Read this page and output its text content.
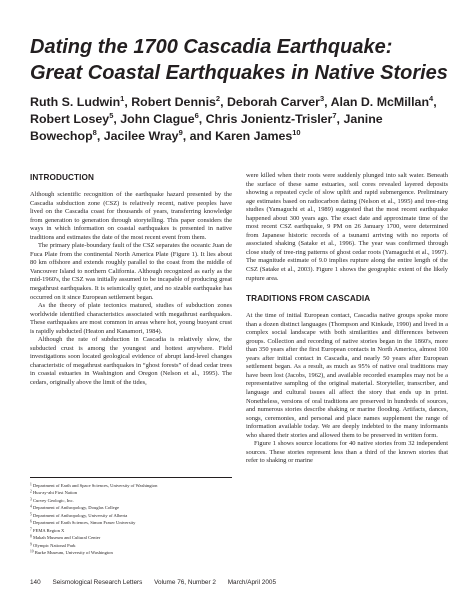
Dating the 1700 Cascadia Earthquake: Great Coastal Earthquakes in Native Stories
Ruth S. Ludwin$^1$, Robert Dennis$^2$, Deborah Carver$^3$, Alan D. McMillan$^4$, Robert Losey$^5$, John Clague$^6$, Chris Jonientz-Trisler$^7$, Janine Bowechop$^8$, Jacilee Wray$^9$, and Karen James$^{10}$

INTRODUCTION

Although scientific recognition of the earthquake hazard presented by the Cascadia subduction zone (CSZ) is relatively recent, native peoples have lived on the Cascadia coast for thousands of years, transferring knowledge from generation to generation through storytelling. This paper considers the ways in which information on coastal earthquakes is presented in native traditions and estimates the date of the most recent event from them.

The primary plate-boundary fault of the CSZ separates the oceanic Juan de Fuca Plate from the continental North America Plate (Figure 1). It lies about 80 km offshore and extends roughly parallel to the coast from the middle of Vancouver Island to northern California. Although recognized as early as the mid-1960's, the CSZ was initially assumed to be incapable of producing great megathrust earthquakes. It is seismically quiet, and no sizable earthquake has occurred on it since European settlement began.

As the theory of plate tectonics matured, studies of subduction zones worldwide identified characteristics associated with megathrust earthquakes. These earthquakes are most common in areas where hot, young buoyant crust is rapidly subducted (Heaton and Kanamori, 1984).

Although the rate of subduction in Cascadia is relatively slow, the subducted crust is among the youngest and hottest anywhere. Field investigations soon located geological evidence of abrupt land-level changes characteristic of megathrust earthquakes in “ghost forests” of dead cedar trees in coastal estuaries in Washington and Oregon (Nelson et al., 1995). The cedars, originally above the limit of the tides,

$^1$ Department of Earth and Space Sciences, University of Washington

$^2$ Huu-ay-aht First Nation

$^3$ Curvey Geologic, Inc.

$^4$ Department of Anthropology, Douglas College

$^5$ Department of Anthropology, University of Alberta

$^6$ Department of Earth Sciences, Simon Fraser University

$^7$ FEMA Region X

$^8$ Makah Museum and Cultural Center

$^9$ Olympic National Park

$^{10}$ Burke Museum, University of Washington

were killed when their roots were suddenly plunged into salt water. Beneath the surface of these same estuaries, soil cores revealed layered deposits showing a repeated cycle of slow uplift and rapid submergence. Preliminary age estimates based on radiocarbon dating (Nelson et al., 1995) and tree-ring studies (Yamaguchi et al., 1989) suggested that the most recent earthquake happened about 300 years ago. The exact date and approximate time of the most recent CSZ earthquake, 9 PM on 26 January 1700, were determined from Japanese historic records of a tsunami arriving with no reports of associated shaking (Satake et al., 1996). The year was confirmed through close study of tree-ring patterns of ghost cedar roots (Yamaguchi et al., 1997). The magnitude estimate of 9.0 implies rupture along the entire length of the CSZ (Satake et al., 2003). Figure 1 shows the geographic extent of the likely rupture area.

TRADITIONS FROM CASCADIA

At the time of initial European contact, Cascadia native groups spoke more than a dozen distinct languages (Thompson and Kinkade, 1990) and lived in a complex social landscape with both similarities and differences between groups. Collection and recording of native stories began in the 1860's, more than 350 years after the first European contacts in North America, almost 100 years after initial contact in Cascadia, and nearly 50 years after European settlement began. As a result, as much as 95% of native oral traditions may have been lost (Jacobs, 1962), and available recorded examples may not be a representative sampling of the original material. Storyteller, transcriber, and language and cultural issues all affect the story that ends up in print. Nonetheless, versions of oral traditions are preserved in hundreds of sources, and numerous stories describe shaking or marine flooding. Artifacts, dances, songs, ceremonies, and personal and place names supplement the range of information available today. We are deeply indebted to the many informants who shared their stories and allowed them to be preserved in written form.

Figure 1 shows source locations for 40 native stories from 32 independent sources. These stories represent less than a third of the known stories that refer to shaking or marine

140 Seismological Research Letters Volume 76, Number 2 March/April 2005
